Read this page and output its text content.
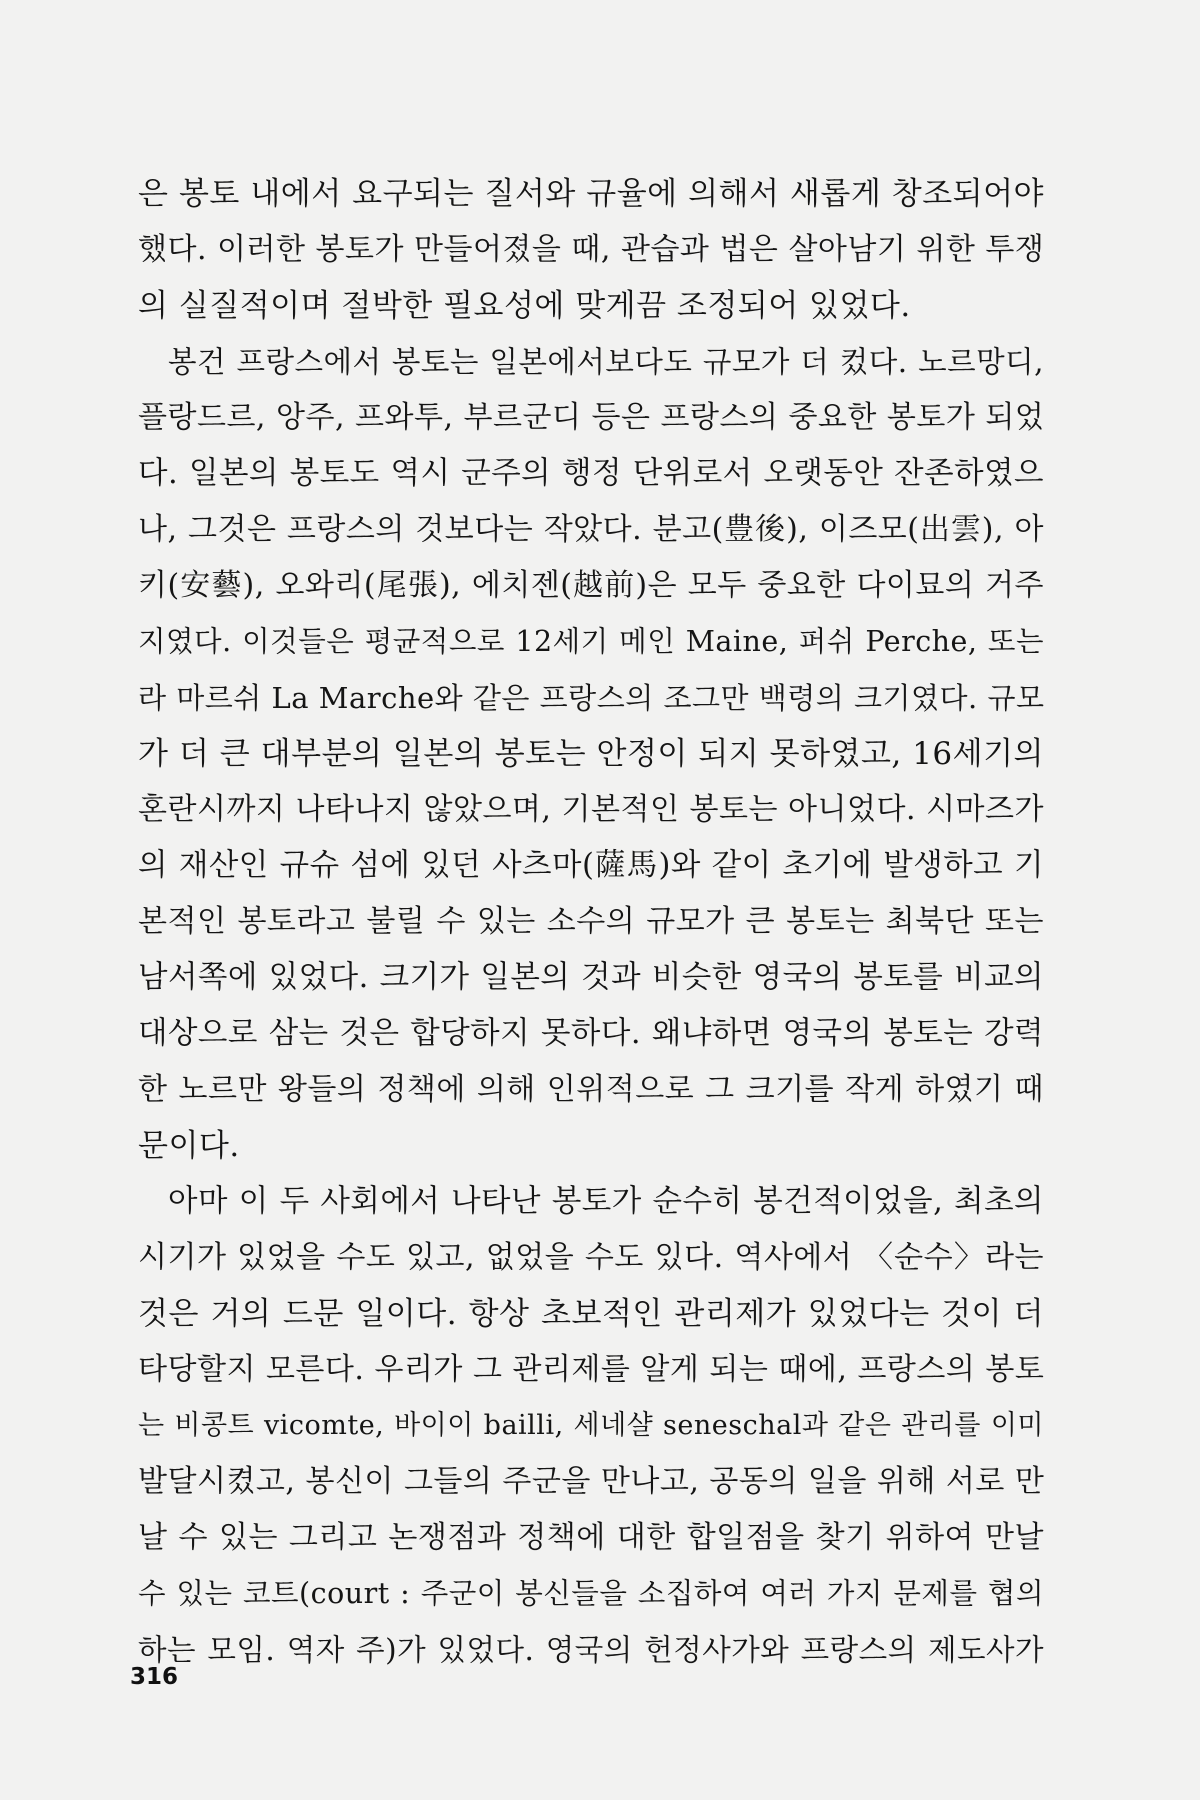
은 봉토 내에서 요구되는 질서와 규율에 의해서 새롭게 창조되어야
했다. 이러한 봉토가 만들어졌을 때, 관습과 법은 살아남기 위한 투쟁
의 실질적이며 절박한 필요성에 맞게끔 조정되어 있었다.
봉건 프랑스에서 봉토는 일본에서보다도 규모가 더 컸다. 노르망디,
플랑드르, 앙주, 프와투, 부르군디 등은 프랑스의 중요한 봉토가 되었
다. 일본의 봉토도 역시 군주의 행정 단위로서 오랫동안 잔존하였으
나, 그것은 프랑스의 것보다는 작았다. 분고(豊後), 이즈모(出雲), 아
키(安藝), 오와리(尾張), 에치젠(越前)은 모두 중요한 다이묘의 거주
지였다. 이것들은 평균적으로 12세기 메인 Maine, 퍼쉬 Perche, 또는
라 마르쉬 La Marche와 같은 프랑스의 조그만 백령의 크기였다. 규모
가 더 큰 대부분의 일본의 봉토는 안정이 되지 못하였고, 16세기의
혼란시까지 나타나지 않았으며, 기본적인 봉토는 아니었다. 시마즈가
의 재산인 규슈 섬에 있던 사츠마(薩馬)와 같이 초기에 발생하고 기
본적인 봉토라고 불릴 수 있는 소수의 규모가 큰 봉토는 최북단 또는
남서쪽에 있었다. 크기가 일본의 것과 비슷한 영국의 봉토를 비교의
대상으로 삼는 것은 합당하지 못하다. 왜냐하면 영국의 봉토는 강력
한 노르만 왕들의 정책에 의해 인위적으로 그 크기를 작게 하였기 때
문이다.
아마 이 두 사회에서 나타난 봉토가 순수히 봉건적이었을, 최초의
시기가 있었을 수도 있고, 없었을 수도 있다. 역사에서 〈순수〉라는
것은 거의 드문 일이다. 항상 초보적인 관리제가 있었다는 것이 더
타당할지 모른다. 우리가 그 관리제를 알게 되는 때에, 프랑스의 봉토
는 비콩트 vicomte, 바이이 bailli, 세네샬 seneschal과 같은 관리를 이미
발달시켰고, 봉신이 그들의 주군을 만나고, 공동의 일을 위해 서로 만
날 수 있는 그리고 논쟁점과 정책에 대한 합일점을 찾기 위하여 만날
수 있는 코트(court : 주군이 봉신들을 소집하여 여러 가지 문제를 협의
하는 모임. 역자 주)가 있었다. 영국의 헌정사가와 프랑스의 제도사가
316
